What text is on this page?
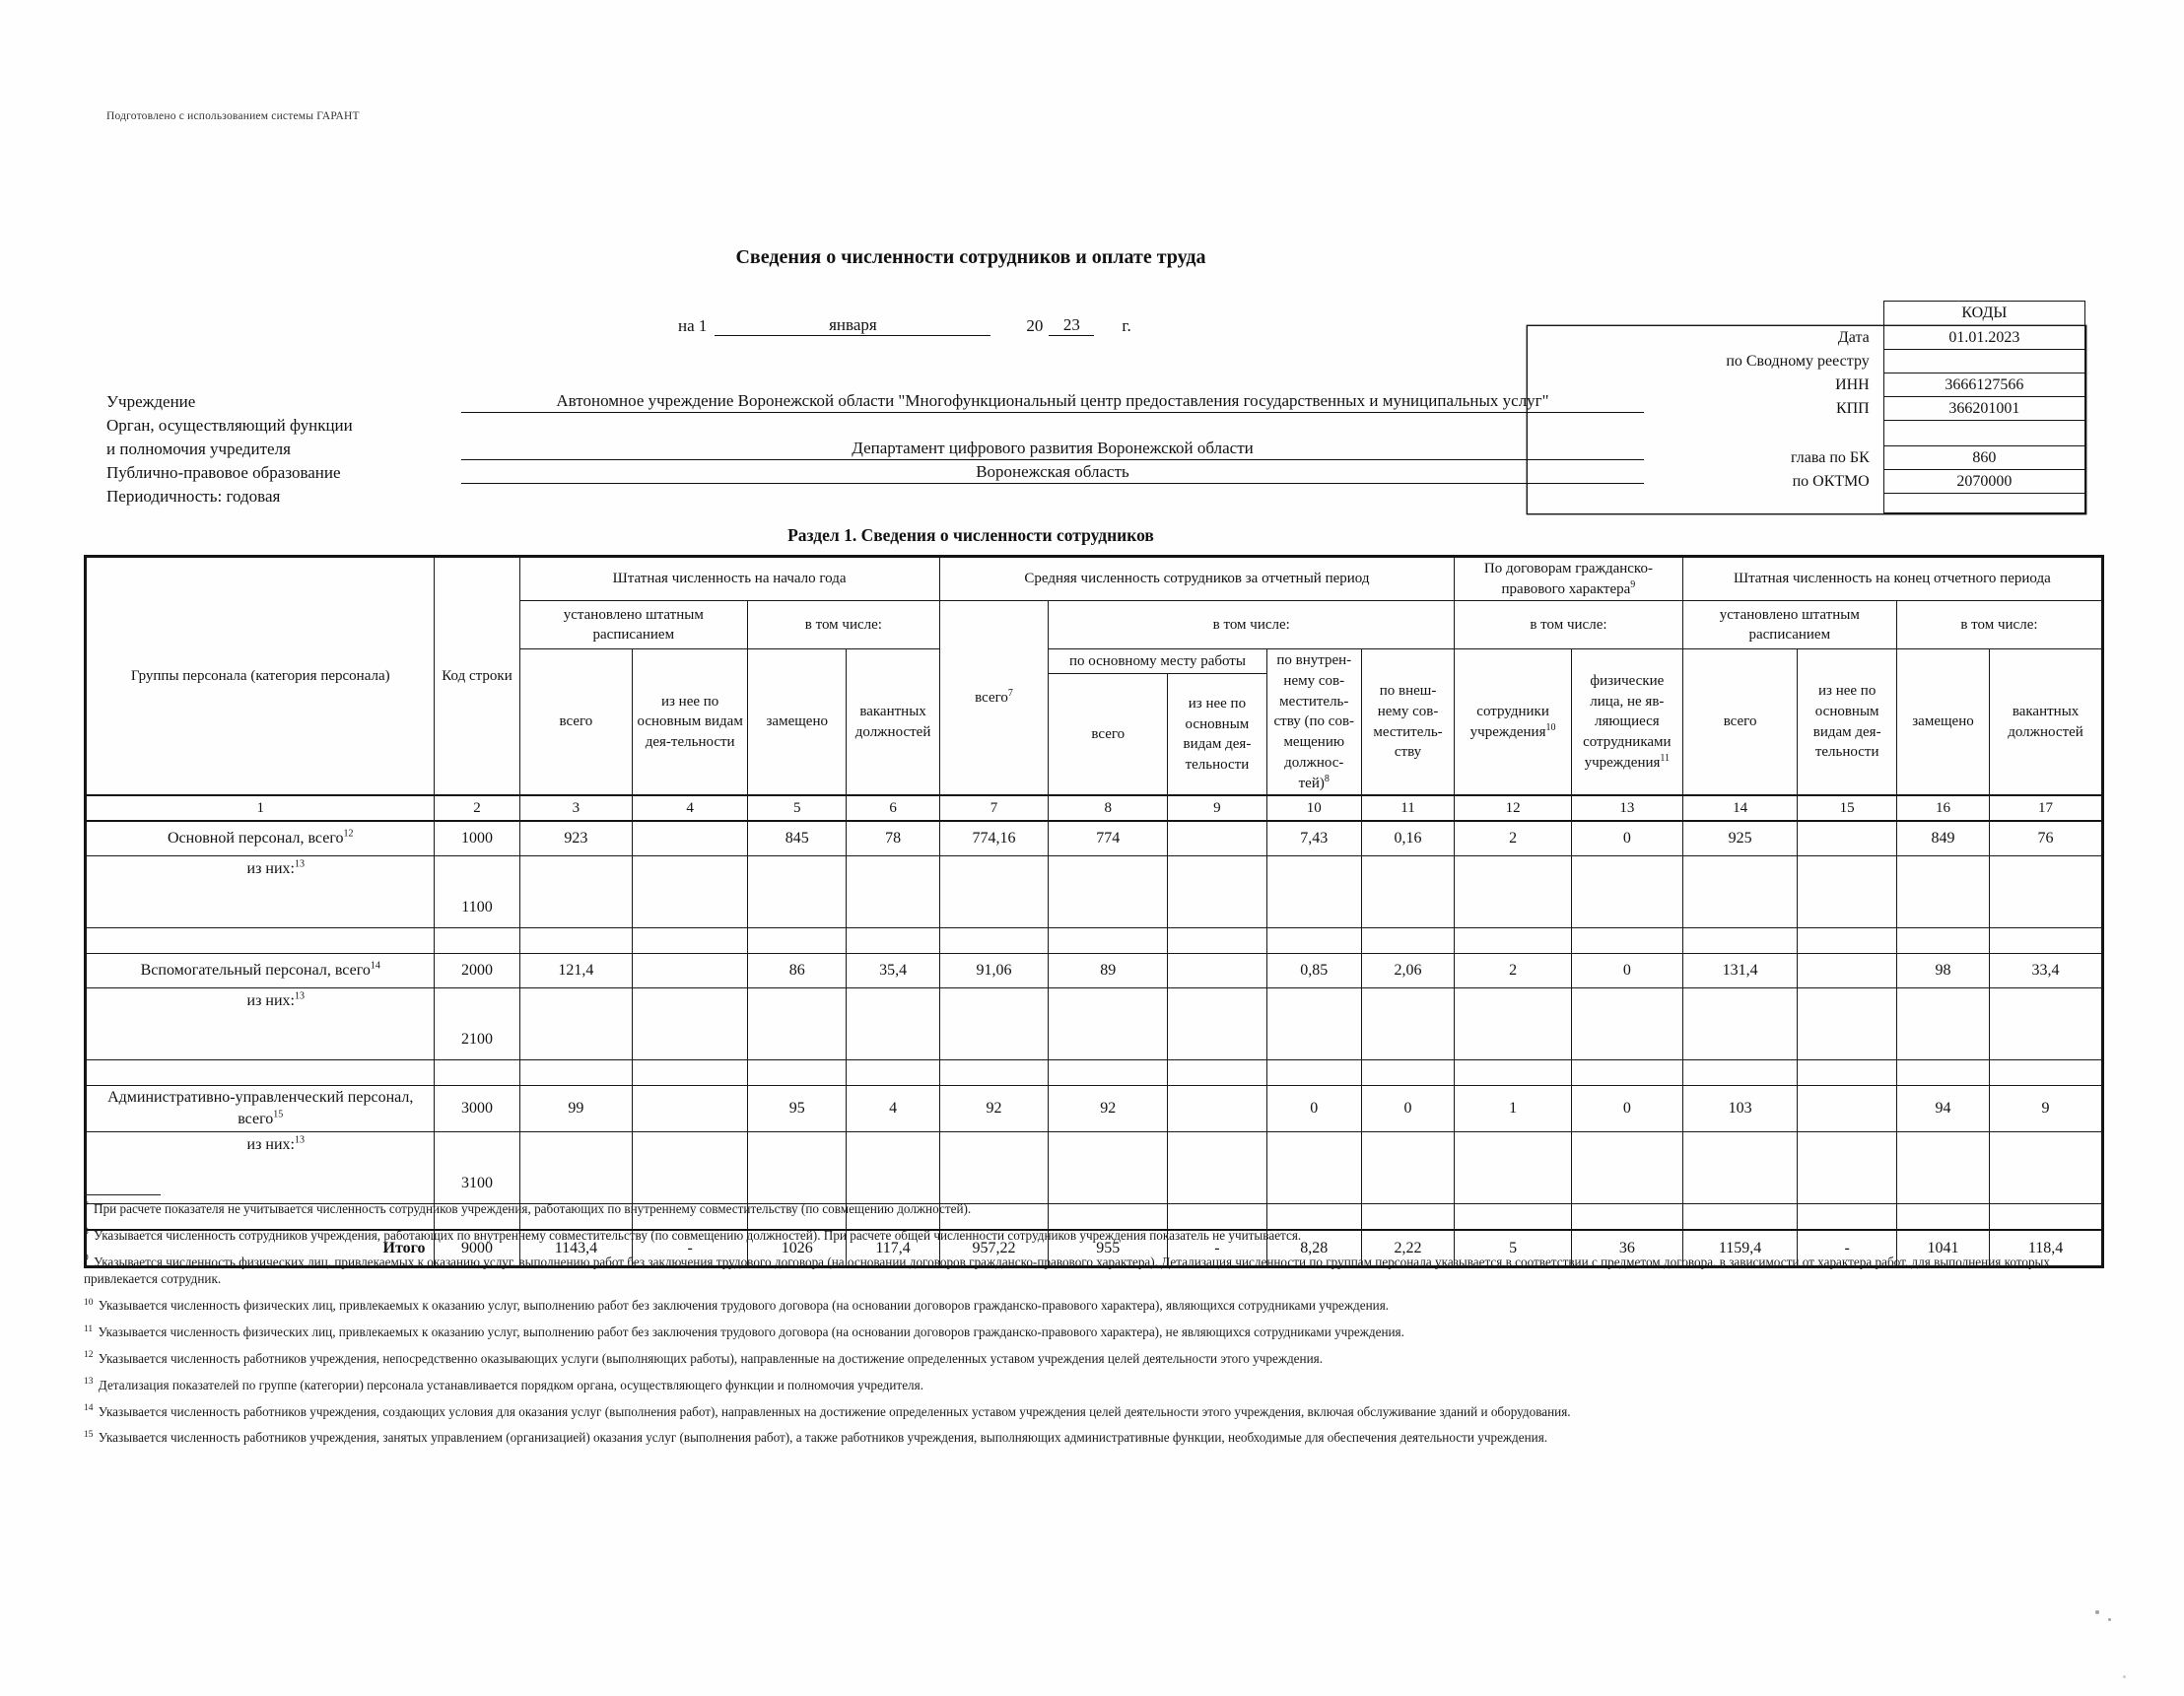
Подготовлено с использованием системы ГАРАНТ
Сведения о численности сотрудников и оплате труда
на 1	января	20	23	г.
КОДЫ
Дата	01.01.2023
по Сводному реестру
ИНН	3666127566
КПП	366201001
глава по БК	860
по ОКТМО	2070000
Учреждение	Автономное учреждение Воронежской области "Многофункциональный центр предоставления государственных и муниципальных услуг"
Орган, осуществляющий функции
и полномочия учредителя	Департамент цифрового развития Воронежской области
Публично-правовое образование	Воронежская область
Периодичность: годовая
Раздел 1. Сведения о численности сотрудников
Группы персонала (категория персонала)	Код строки	Штатная численность на начало года				Средняя численность сотрудников за отчетный период					По договорам гражданско-правового характера$^9$		Штатная численность на конец отчетного периода			
		установлено штатным расписанием		в том числе:		всего$^7$	в том числе:				в том числе:		установлено штатным расписанием		в том числе:	
		всего	из нее по основным видам дея-тельности	замещено	вакантных должностей		по основному месту работы		по внутрен-нему сов-меститель-ству (по сов-мещению должнос-тей)$^8$	по внеш-нему сов-меститель-ству	сотрудники учреждения$^{10}$	физические лица, не яв-ляющиеся сотрудниками учреждения$^{11}$	всего	из нее по основным видам дея-тельности	замещено	вакантных должностей
							всего	из нее по основным видам дея-тельности								
1	2	3	4	5	6	7	8	9	10	11	12	13	14	15	16	17
Основной персонал, всего$^{12}$	1000	923		845	78	774,16	774		7,43	0,16	2	0	925		849	76
из них:$^{13}$	1100															

Вспомогательный персонал, всего$^{14}$	2000	121,4		86	35,4	91,06	89		0,85	2,06	2	0	131,4		98	33,4
из них:$^{13}$	2100															

Административно-управленческий персонал, всего$^{15}$	3000	99		95	4	92	92		0	0	1	0	103		94	9
из них:$^{13}$	3100															

Итого	9000	1143,4	-	1026	117,4	957,22	955	-	8,28	2,22	5	36	1159,4	-	1041	118,4

$^7$ При расчете показателя не учитывается численность сотрудников учреждения, работающих по внутреннему совместительству (по совмещению должностей).

$^8$ Указывается численность сотрудников учреждения, работающих по внутреннему совместительству (по совмещению должностей). При расчете общей численности сотрудников учреждения показатель не учитывается.

$^9$ Указывается численность физических лиц, привлекаемых к оказанию услуг, выполнению работ без заключения трудового договора (на основании договоров гражданско-правового характера). Детализация численности по группам персонала указывается в соответствии с предметом договора, в зависимости от характера работ, для выполнения которых привлекается сотрудник.

$^{10}$ Указывается численность физических лиц, привлекаемых к оказанию услуг, выполнению работ без заключения трудового договора (на основании договоров гражданско-правового характера), являющихся сотрудниками учреждения.

$^{11}$ Указывается численность физических лиц, привлекаемых к оказанию услуг, выполнению работ без заключения трудового договора (на основании договоров гражданско-правового характера), не являющихся сотрудниками учреждения.

$^{12}$ Указывается численность работников учреждения, непосредственно оказывающих услуги (выполняющих работы), направленные на достижение определенных уставом учреждения целей деятельности этого учреждения.

$^{13}$ Детализация показателей по группе (категории) персонала устанавливается порядком органа, осуществляющего функции и полномочия учредителя.

$^{14}$ Указывается численность работников учреждения, создающих условия для оказания услуг (выполнения работ), направленных на достижение определенных уставом учреждения целей деятельности этого учреждения, включая обслуживание зданий и оборудования.

$^{15}$ Указывается численность работников учреждения, занятых управлением (организацией) оказания услуг (выполнения работ), а также работников учреждения, выполняющих административные функции, необходимые для обеспечения деятельности учреждения.
